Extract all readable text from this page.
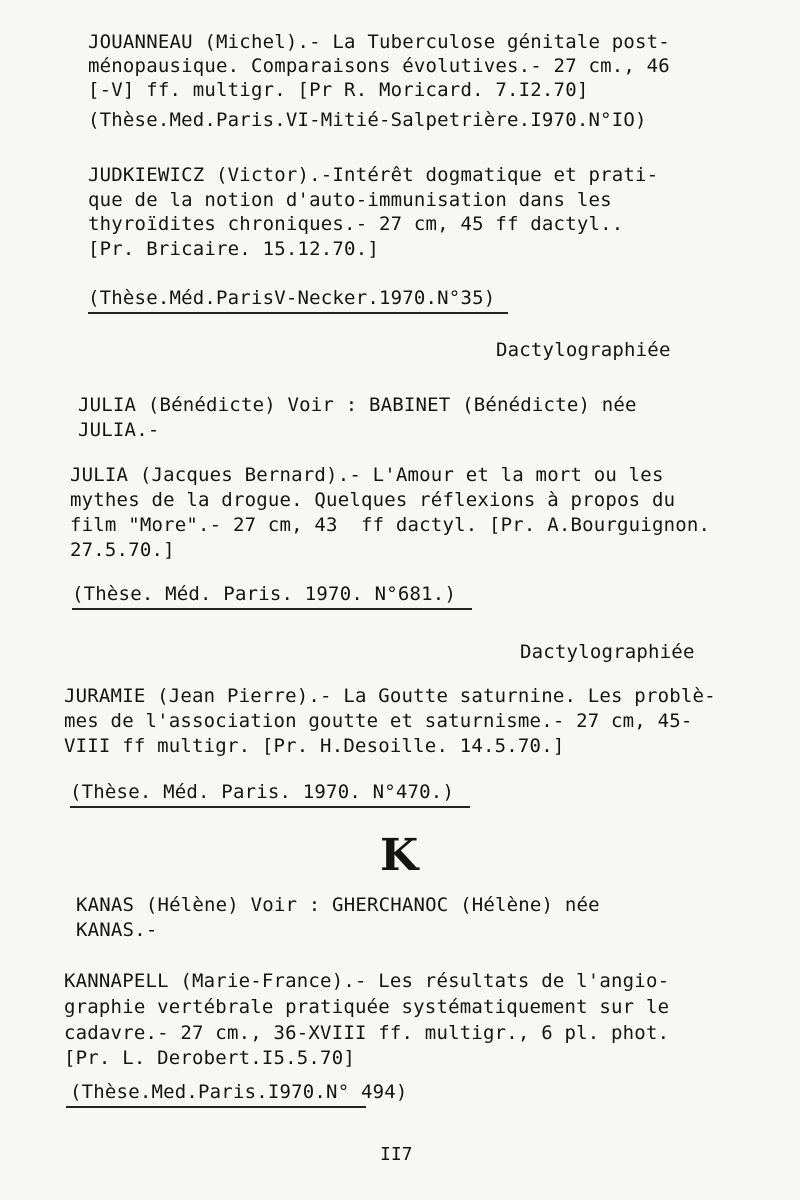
JOUANNEAU (Michel).- La Tuberculose génitale post-
ménopausique. Comparaisons évolutives.- 27 cm., 46
[-V] ff. multigr. [Pr R. Moricard. 7.I2.70]
(Thèse.Med.Paris.VI-Mitié-Salpetrière.I970.N°IO)
JUDKIEWICZ (Victor).-Intérêt dogmatique et prati-
que de la notion d'auto-immunisation dans les
thyroïdites chroniques.- 27 cm, 45 ff dactyl..
[Pr. Bricaire. 15.12.70.]
(Thèse.Méd.ParisV-Necker.1970.N°35)
Dactylographiée
JULIA (Bénédicte) Voir : BABINET (Bénédicte) née
JULIA.-
JULIA (Jacques Bernard).- L'Amour et la mort ou les
mythes de la drogue. Quelques réflexions à propos du
film "More".- 27 cm, 43  ff dactyl. [Pr. A.Bourguignon.
27.5.70.]
(Thèse. Méd. Paris. 1970. N°681.)
Dactylographiée
JURAMIE (Jean Pierre).- La Goutte saturnine. Les problè-
mes de l'association goutte et saturnisme.- 27 cm, 45-
VIII ff multigr. [Pr. H.Desoille. 14.5.70.]
(Thèse. Méd. Paris. 1970. N°470.)
K
KANAS (Hélène) Voir : GHERCHANOC (Hélène) née
KANAS.-
KANNAPELL (Marie-France).- Les résultats de l'angio-
graphie vertébrale pratiquée systématiquement sur le
cadavre.- 27 cm., 36-XVIII ff. multigr., 6 pl. phot.
[Pr. L. Derobert.I5.5.70]
(Thèse.Med.Paris.I970.N° 494)
II7
